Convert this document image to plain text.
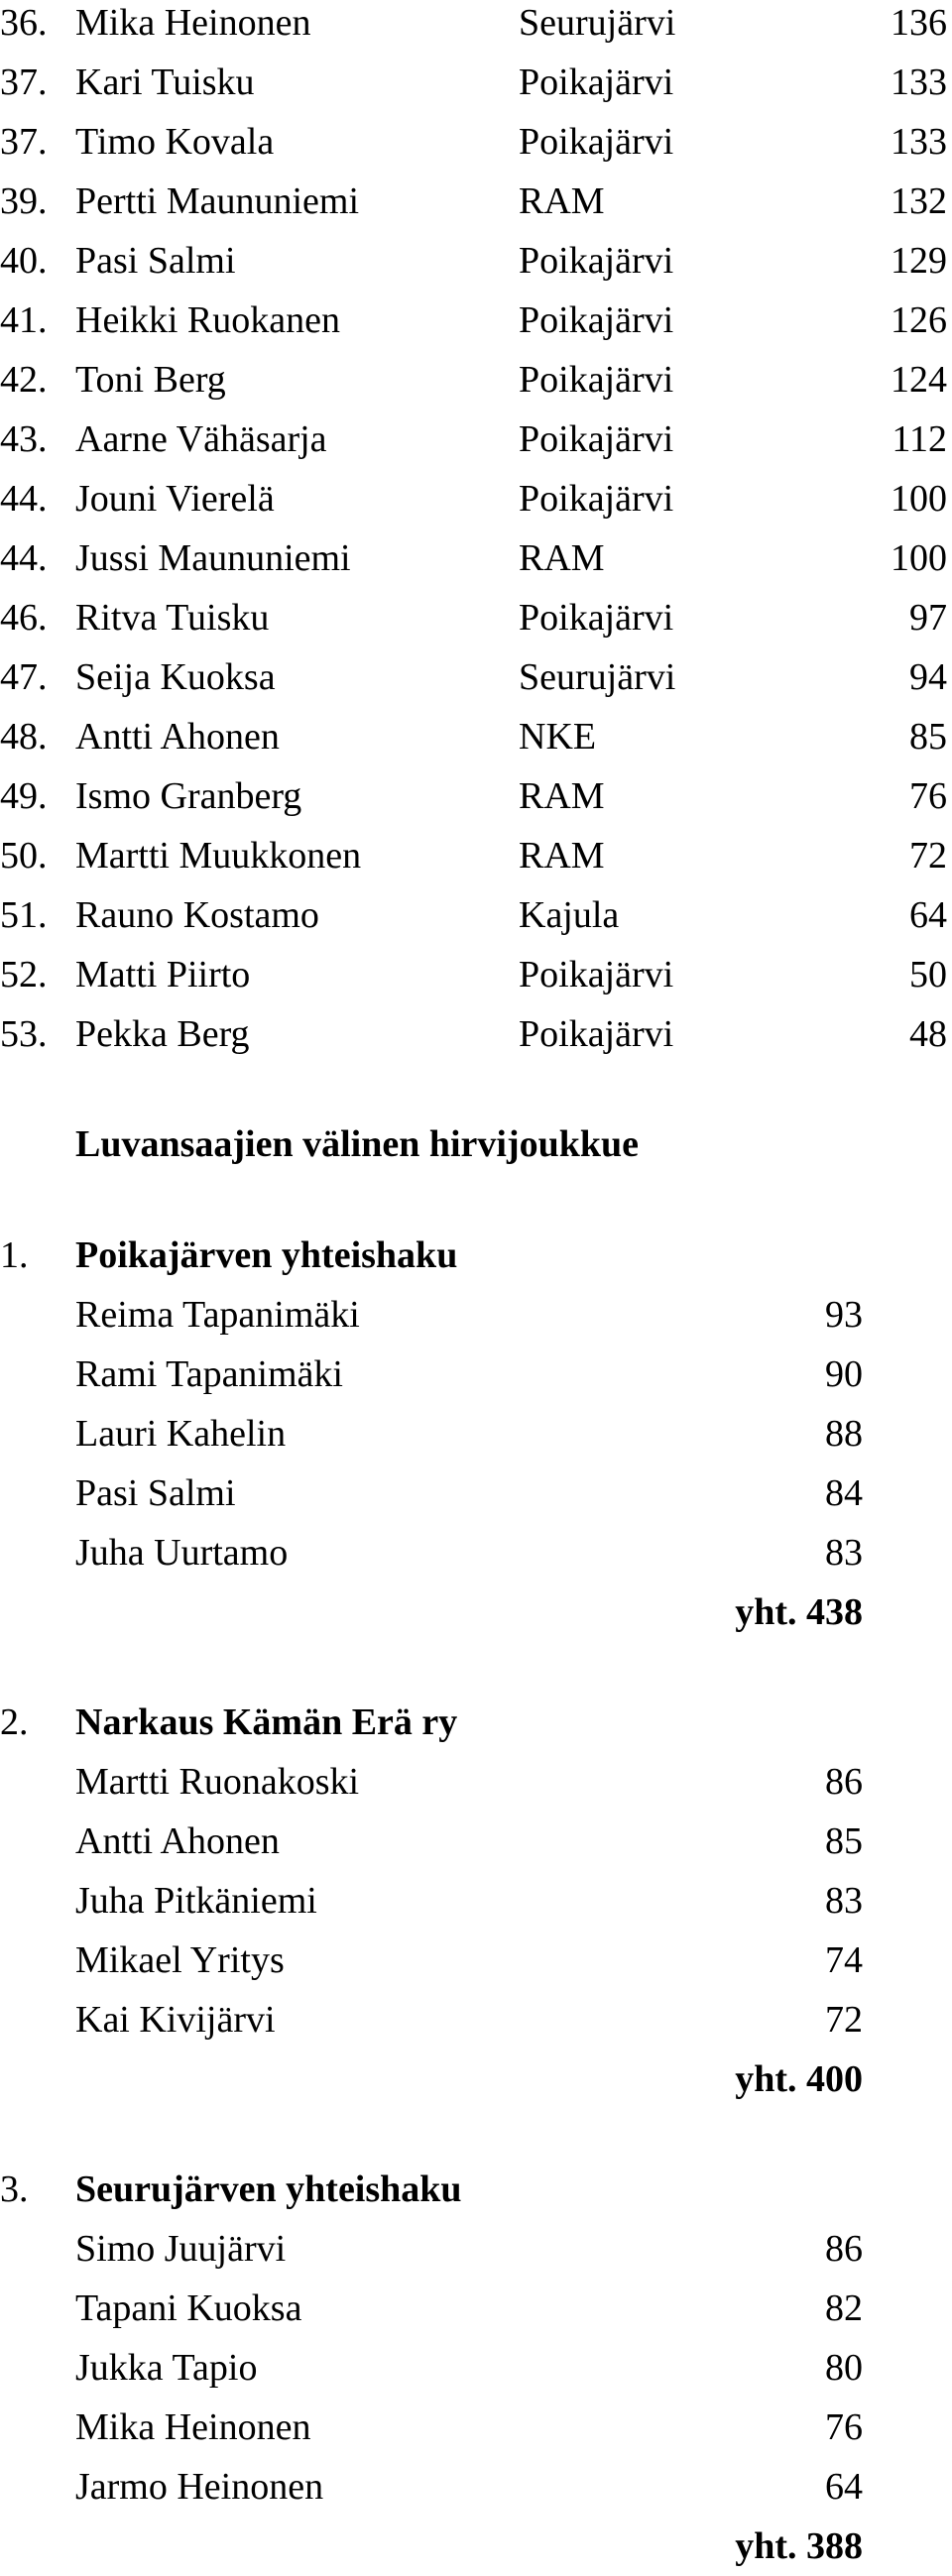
36. Mika Heinonen	Seurujärvi	136
37. Kari Tuisku	Poikajärvi	133
37. Timo Kovala	Poikajärvi	133
39. Pertti Maununiemi	RAM	132
40. Pasi Salmi	Poikajärvi	129
41. Heikki Ruokanen	Poikajärvi	126
42. Toni Berg	Poikajärvi	124
43. Aarne Vähäsarja	Poikajärvi	112
44. Jouni Vierelä	Poikajärvi	100
44. Jussi Maununiemi	RAM	100
46. Ritva Tuisku	Poikajärvi	97
47. Seija Kuoksa	Seurujärvi	94
48. Antti Ahonen	NKE	85
49. Ismo Granberg	RAM	76
50. Martti Muukkonen	RAM	72
51. Rauno Kostamo	Kajula	64
52. Matti Piirto	Poikajärvi	50
53. Pekka Berg	Poikajärvi	48
Luvansaajien välinen hirvijoukkue
1. Poikajärven yhteishaku
Reima Tapanimäki	93
Rami Tapanimäki	90
Lauri Kahelin	88
Pasi Salmi	84
Juha Uurtamo	83
yht. 438
2. Narkaus Kämän Erä ry
Martti Ruonakoski	86
Antti Ahonen	85
Juha Pitkäniemi	83
Mikael Yritys	74
Kai Kivijärvi	72
yht. 400
3. Seurujärven yhteishaku
Simo Juujärvi	86
Tapani Kuoksa	82
Jukka Tapio	80
Mika Heinonen	76
Jarmo Heinonen	64
yht. 388
